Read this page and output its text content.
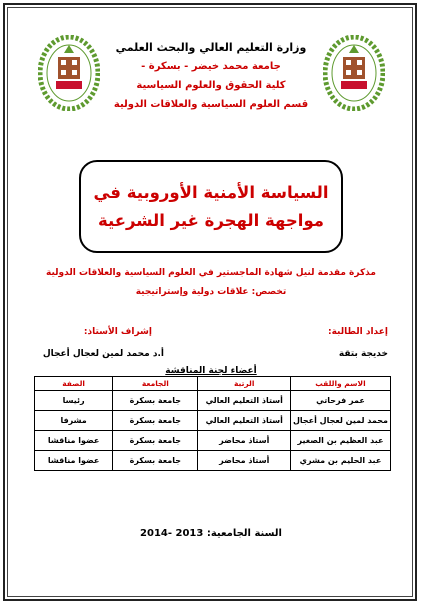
وزارة التعليم العالي والبحث العلمي
جامعة محمد خيضر - بسكرة -
كلية الحقوق والعلوم السياسية
قسم العلوم السياسية والعلاقات الدولية
السياسة الأمنية الأوروبية في
مواجهة الهجرة غير الشرعية
مذكرة مقدمة لنيل شهادة الماجستير في العلوم السياسية والعلاقات الدولية
تخصص: علاقات دولية وإستراتيجية
إعداد الطالبة:
خديجة بتقة
إشراف الأستاذ:
أ.د محمد لمين لعجال أعجال
أعضاء لجنة المناقشة
الاسم واللقب	الرتبة	الجامعة	الصفة
عمر فرحاتي	أستاذ التعليم العالي	جامعة بسكرة	رئيسا
محمد لمين لعجال أعجال	أستاذ التعليم العالي	جامعة بسكرة	مشرفا
عبد العظيم بن الصغير	أستاذ محاضر	جامعة بسكرة	عضوا مناقشا
عبد الحليم بن مشري	أستاذ محاضر	جامعة بسكرة	عضوا مناقشا
السنة الجامعية: 2013 -2014
